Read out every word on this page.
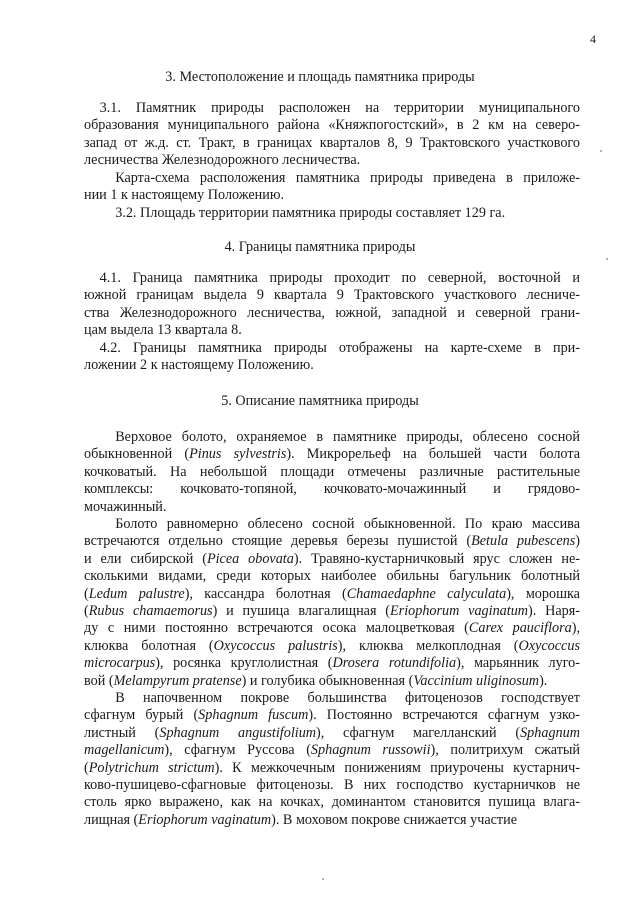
4
3. Местоположение и площадь памятника природы
3.1. Памятник природы расположен на территории муниципального
образования муниципального района «Княжпогостский», в 2 км на северо-
запад от ж.д. ст. Тракт, в границах кварталов 8, 9 Трактовского участкового
лесничества Железнодорожного лесничества.
Карта-схема расположения памятника природы приведена в приложе-
нии 1 к настоящему Положению.
3.2. Площадь территории памятника природы составляет 129 га.
4. Границы памятника природы
4.1. Граница памятника природы проходит по северной, восточной и
южной границам выдела 9 квартала 9 Трактовского участкового лесниче-
ства Железнодорожного лесничества, южной, западной и северной грани-
цам выдела 13 квартала 8.
4.2. Границы памятника природы отображены на карте-схеме в при-
ложении 2 к настоящему Положению.
5. Описание памятника природы
Верховое болото, охраняемое в памятнике природы, облесено сосной
обыкновенной (Pinus sylvestris). Микрорельеф на большей части болота
кочковатый. На небольшой площади отмечены различные растительные
комплексы: кочковато-топяной, кочковато-мочажинный и грядово-
мочажинный.
Болото равномерно облесено сосной обыкновенной. По краю массива
встречаются отдельно стоящие деревья березы пушистой (Betula pubescens)
и ели сибирской (Picea obovata). Травяно-кустарничковый ярус сложен не-
сколькими видами, среди которых наиболее обильны багульник болотный
(Ledum palustre), кассандра болотная (Chamaedaphne calyculata), морошка
(Rubus chamaemorus) и пушица влагалищная (Eriophorum vaginatum). Наря-
ду с ними постоянно встречаются осока малоцветковая (Carex pauciflora),
клюква болотная (Oxycoccus palustris), клюква мелкоплодная (Oxycoccus
microcarpus), росянка круглолистная (Drosera rotundifolia), марьянник луго-
вой (Melampyrum pratense) и голубика обыкновенная (Vaccinium uliginosum).
В напочвенном покрове большинства фитоценозов господствует
сфагнум бурый (Sphagnum fuscum). Постоянно встречаются сфагнум узко-
листный (Sphagnum angustifolium), сфагнум магелланский (Sphagnum
magellanicum), сфагнум Руссова (Sphagnum russowii), политрихум сжатый
(Polytrichum strictum). К межкочечным понижениям приурочены кустарнич-
ково-пушицево-сфагновые фитоценозы. В них господство кустарничков не
столь ярко выражено, как на кочках, доминантом становится пушица влага-
лищная (Eriophorum vaginatum). В моховом покрове снижается участие
